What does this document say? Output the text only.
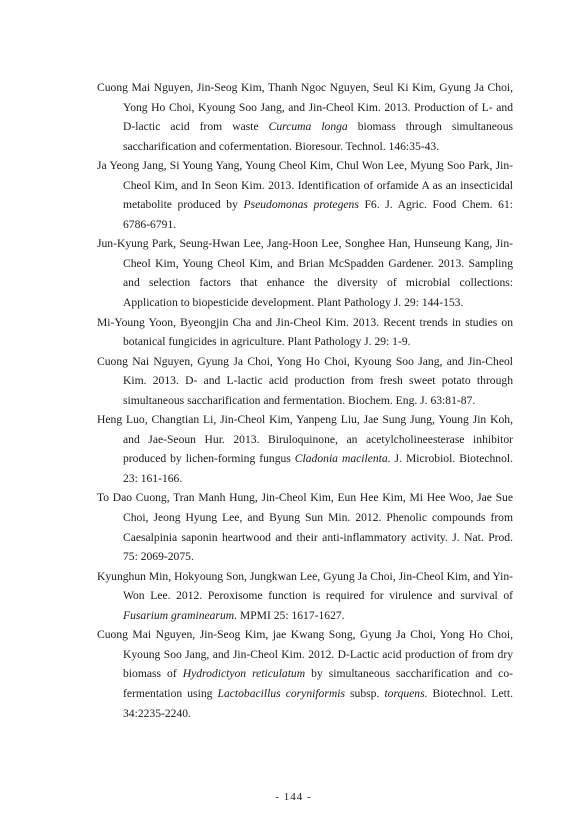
Cuong Mai Nguyen, Jin-Seog Kim, Thanh Ngoc Nguyen, Seul Ki Kim, Gyung Ja Choi, Yong Ho Choi, Kyoung Soo Jang, and Jin-Cheol Kim. 2013. Production of L- and D-lactic acid from waste Curcuma longa biomass through simultaneous saccharification and cofermentation. Bioresour. Technol. 146:35-43.
Ja Yeong Jang, Si Young Yang, Young Cheol Kim, Chul Won Lee, Myung Soo Park, Jin-Cheol Kim, and In Seon Kim. 2013. Identification of orfamide A as an insecticidal metabolite produced by Pseudomonas protegens F6. J. Agric. Food Chem. 61: 6786-6791.
Jun-Kyung Park, Seung-Hwan Lee, Jang-Hoon Lee, Songhee Han, Hunseung Kang, Jin-Cheol Kim, Young Cheol Kim, and Brian McSpadden Gardener. 2013. Sampling and selection factors that enhance the diversity of microbial collections: Application to biopesticide development. Plant Pathology J. 29: 144-153.
Mi-Young Yoon, Byeongjin Cha and Jin-Cheol Kim. 2013. Recent trends in studies on botanical fungicides in agriculture. Plant Pathology J. 29: 1-9.
Cuong Nai Nguyen, Gyung Ja Choi, Yong Ho Choi, Kyoung Soo Jang, and Jin-Cheol Kim. 2013. D- and L-lactic acid production from fresh sweet potato through simultaneous saccharification and fermentation. Biochem. Eng. J. 63:81-87.
Heng Luo, Changtian Li, Jin-Cheol Kim, Yanpeng Liu, Jae Sung Jung, Young Jin Koh, and Jae-Seoun Hur. 2013. Biruloquinone, an acetylcholineesterase inhibitor produced by lichen-forming fungus Cladonia macilenta. J. Microbiol. Biotechnol. 23: 161-166.
To Dao Cuong, Tran Manh Hung, Jin-Cheol Kim, Eun Hee Kim, Mi Hee Woo, Jae Sue Choi, Jeong Hyung Lee, and Byung Sun Min. 2012. Phenolic compounds from Caesalpinia saponin heartwood and their anti-inflammatory activity. J. Nat. Prod. 75: 2069-2075.
Kyunghun Min, Hokyoung Son, Jungkwan Lee, Gyung Ja Choi, Jin-Cheol Kim, and Yin-Won Lee. 2012. Peroxisome function is required for virulence and survival of Fusarium graminearum. MPMI 25: 1617-1627.
Cuong Mai Nguyen, Jin-Seog Kim, jae Kwang Song, Gyung Ja Choi, Yong Ho Choi, Kyoung Soo Jang, and Jin-Cheol Kim. 2012. D-Lactic acid production of from dry biomass of Hydrodictyon reticulatum by simultaneous saccharification and co-fermentation using Lactobacillus coryniformis subsp. torquens. Biotechnol. Lett. 34:2235-2240.
- 144 -
